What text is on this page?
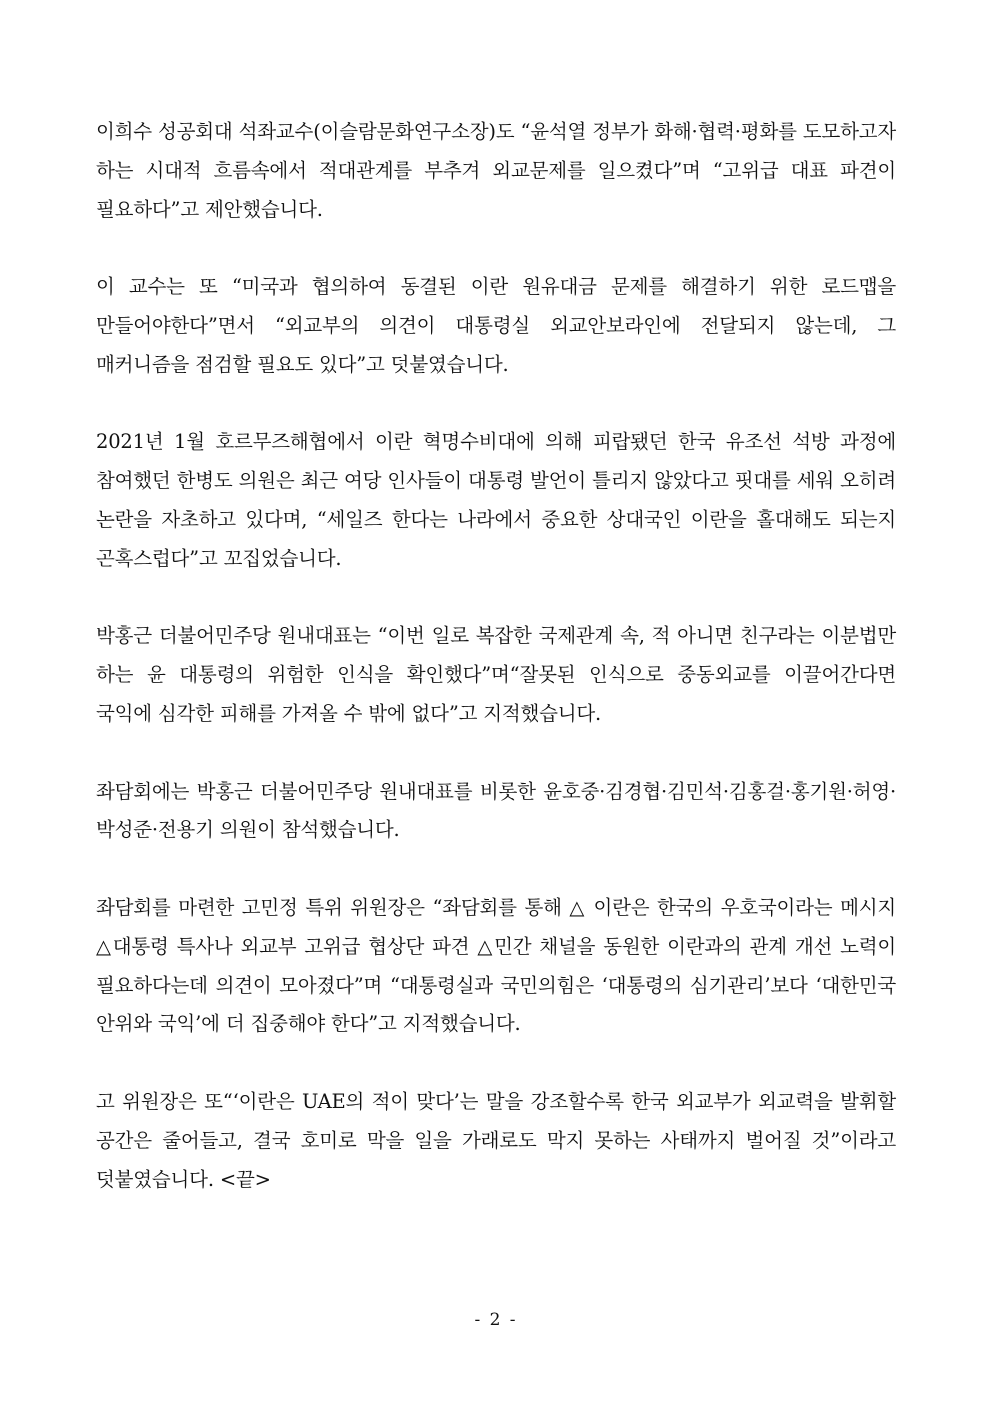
이희수 성공회대 석좌교수(이슬람문화연구소장)도 “윤석열 정부가 화해·협력·평화를 도모하고자 하는 시대적 흐름속에서 적대관계를 부추겨 외교문제를 일으켰다”며 “고위급 대표 파견이 필요하다”고 제안했습니다.

이 교수는 또 “미국과 협의하여 동결된 이란 원유대금 문제를 해결하기 위한 로드맵을 만들어야한다”면서 “외교부의 의견이 대통령실 외교안보라인에 전달되지 않는데, 그 매커니즘을 점검할 필요도 있다”고 덧붙였습니다.

2021년 1월 호르무즈해협에서 이란 혁명수비대에 의해 피랍됐던 한국 유조선 석방 과정에 참여했던 한병도 의원은 최근 여당 인사들이 대통령 발언이 틀리지 않았다고 핏대를 세워 오히려 논란을 자초하고 있다며, “세일즈 한다는 나라에서 중요한 상대국인 이란을 홀대해도 되는지 곤혹스럽다”고 꼬집었습니다.

박홍근 더불어민주당 원내대표는 “이번 일로 복잡한 국제관계 속, 적 아니면 친구라는 이분법만 하는 윤 대통령의 위험한 인식을 확인했다”며“잘못된 인식으로 중동외교를 이끌어간다면 국익에 심각한 피해를 가져올 수 밖에 없다”고 지적했습니다.

좌담회에는 박홍근 더불어민주당 원내대표를 비롯한 윤호중·김경협·김민석·김홍걸·홍기원·허영·박성준·전용기 의원이 참석했습니다.

좌담회를 마련한 고민정 특위 위원장은 “좌담회를 통해 △ 이란은 한국의 우호국이라는 메시지 △대통령 특사나 외교부 고위급 협상단 파견 △민간 채널을 동원한 이란과의 관계 개선 노력이 필요하다는데 의견이 모아졌다”며 “대통령실과 국민의힘은 ‘대통령의 심기관리’보다 ‘대한민국 안위와 국익’에 더 집중해야 한다”고 지적했습니다.

고 위원장은 또“‘이란은 UAE의 적이 맞다’는 말을 강조할수록 한국 외교부가 외교력을 발휘할 공간은 줄어들고, 결국 호미로 막을 일을 가래로도 막지 못하는 사태까지 벌어질 것”이라고 덧붙였습니다. <끝>

- 2 -
